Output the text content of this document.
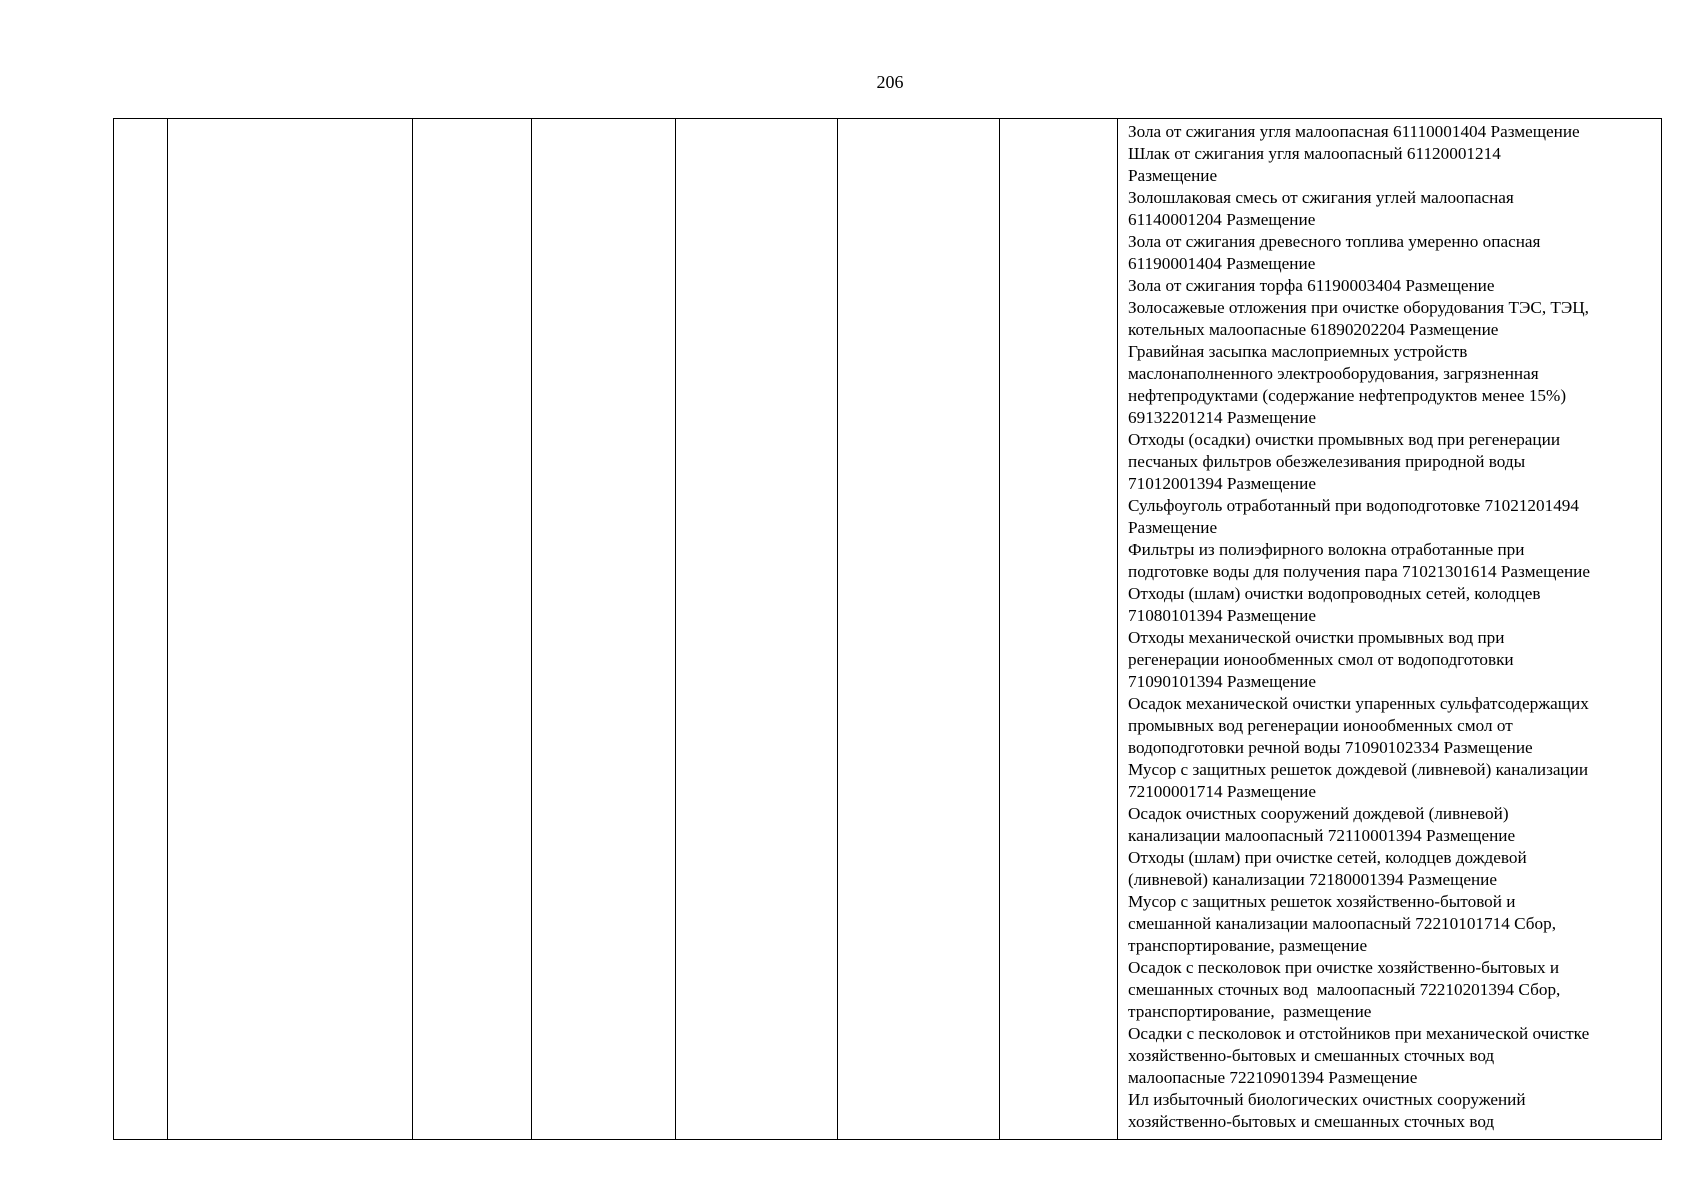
206

Зола от сжигания угля малоопасная 61110001404 Размещение

Шлак от сжигания угля малоопасный 61120001214
Размещение

Золошлаковая смесь от сжигания углей малоопасная
61140001204 Размещение

Зола от сжигания древесного топлива умеренно опасная
61190001404 Размещение

Зола от сжигания торфа 61190003404 Размещение

Золосажевые отложения при очистке оборудования ТЭС, ТЭЦ,
котельных малоопасные 61890202204 Размещение

Гравийная засыпка маслоприемных устройств
маслонаполненного электрооборудования, загрязненная
нефтепродуктами (содержание нефтепродуктов менее 15%)
69132201214 Размещение

Отходы (осадки) очистки промывных вод при регенерации
песчаных фильтров обезжелезивания природной воды
71012001394 Размещение

Сульфоуголь отработанный при водоподготовке 71021201494
Размещение

Фильтры из полиэфирного волокна отработанные при
подготовке воды для получения пара 71021301614 Размещение

Отходы (шлам) очистки водопроводных сетей, колодцев
71080101394 Размещение

Отходы механической очистки промывных вод при
регенерации ионообменных смол от водоподготовки
71090101394 Размещение

Осадок механической очистки упаренных сульфатсодержащих
промывных вод регенерации ионообменных смол от
водоподготовки речной воды 71090102334 Размещение

Мусор с защитных решеток дождевой (ливневой) канализации
72100001714 Размещение

Осадок очистных сооружений дождевой (ливневой)
канализации малоопасный 72110001394 Размещение

Отходы (шлам) при очистке сетей, колодцев дождевой
(ливневой) канализации 72180001394 Размещение

Мусор с защитных решеток хозяйственно-бытовой и
смешанной канализации малоопасный 72210101714 Сбор,
транспортирование, размещение

Осадок с песколовок при очистке хозяйственно-бытовых и
смешанных сточных вод  малоопасный 72210201394 Сбор,
транспортирование,  размещение

Осадки с песколовок и отстойников при механической очистке
хозяйственно-бытовых и смешанных сточных вод
малоопасные 72210901394 Размещение

Ил избыточный биологических очистных сооружений
хозяйственно-бытовых и смешанных сточных вод
